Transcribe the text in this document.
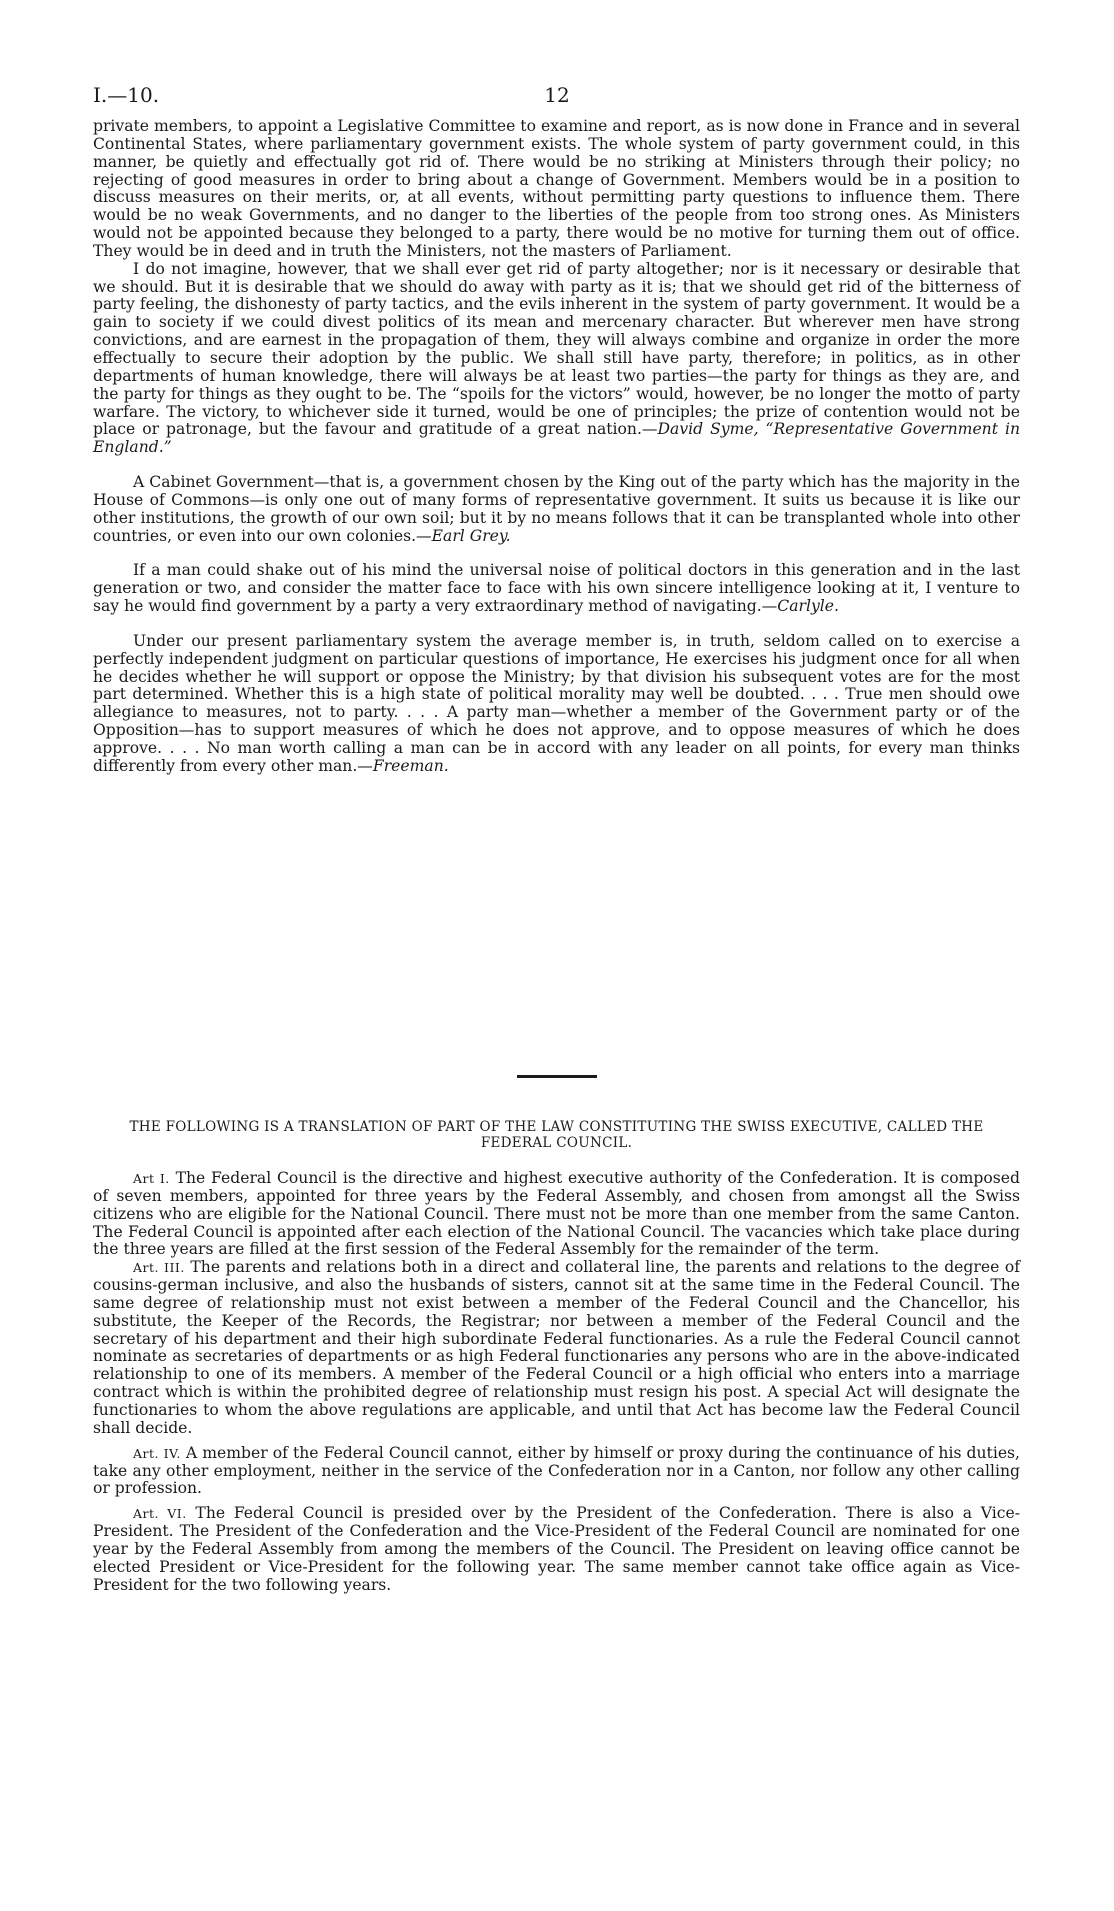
I.—10.	12

private members, to appoint a Legislative Committee to examine and report, as is now done in France and in several Continental States, where parliamentary government exists. The whole system of party government could, in this manner, be quietly and effectually got rid of. There would be no striking at Ministers through their policy; no rejecting of good measures in order to bring about a change of Government. Members would be in a position to discuss measures on their merits, or, at all events, without permitting party questions to influence them. There would be no weak Governments, and no danger to the liberties of the people from too strong ones. As Ministers would not be appointed because they belonged to a party, there would be no motive for turning them out of office. They would be in deed and in truth the Ministers, not the masters of Parliament.

I do not imagine, however, that we shall ever get rid of party altogether; nor is it necessary or desirable that we should. But it is desirable that we should do away with party as it is; that we should get rid of the bitterness of party feeling, the dishonesty of party tactics, and the evils inherent in the system of party government. It would be a gain to society if we could divest politics of its mean and mercenary character. But wherever men have strong convictions, and are earnest in the propagation of them, they will always combine and organize in order the more effectually to secure their adoption by the public. We shall still have party, therefore; in politics, as in other departments of human knowledge, there will always be at least two parties—the party for things as they are, and the party for things as they ought to be. The “spoils for the victors” would, however, be no longer the motto of party warfare. The victory, to whichever side it turned, would be one of principles; the prize of contention would not be place or patronage, but the favour and gratitude of a great nation.—David Syme, “Representative Government in England.”

A Cabinet Government—that is, a government chosen by the King out of the party which has the majority in the House of Commons—is only one out of many forms of representative government. It suits us because it is like our other institutions, the growth of our own soil; but it by no means follows that it can be transplanted whole into other countries, or even into our own colonies.—Earl Grey.

If a man could shake out of his mind the universal noise of political doctors in this generation and in the last generation or two, and consider the matter face to face with his own sincere intelligence looking at it, I venture to say he would find government by a party a very extraordinary method of navigating.—Carlyle.

Under our present parliamentary system the average member is, in truth, seldom called on to exercise a perfectly independent judgment on particular questions of importance, He exercises his judgment once for all when he decides whether he will support or oppose the Ministry; by that division his subsequent votes are for the most part determined. Whether this is a high state of political morality may well be doubted. . . . True men should owe allegiance to measures, not to party. . . . A party man—whether a member of the Government party or of the Opposition—has to support measures of which he does not approve, and to oppose measures of which he does approve. . . . No man worth calling a man can be in accord with any leader on all points, for every man thinks differently from every other man.—Freeman.

THE FOLLOWING IS A TRANSLATION OF PART OF THE LAW CONSTITUTING THE SWISS EXECUTIVE, CALLED THE FEDERAL COUNCIL.

Art I. The Federal Council is the directive and highest executive authority of the Confederation. It is composed of seven members, appointed for three years by the Federal Assembly, and chosen from amongst all the Swiss citizens who are eligible for the National Council. There must not be more than one member from the same Canton. The Federal Council is appointed after each election of the National Council. The vacancies which take place during the three years are filled at the first session of the Federal Assembly for the remainder of the term.

Art. III. The parents and relations both in a direct and collateral line, the parents and relations to the degree of cousins-german inclusive, and also the husbands of sisters, cannot sit at the same time in the Federal Council. The same degree of relationship must not exist between a member of the Federal Council and the Chancellor, his substitute, the Keeper of the Records, the Registrar; nor between a member of the Federal Council and the secretary of his department and their high subordinate Federal functionaries. As a rule the Federal Council cannot nominate as secretaries of departments or as high Federal functionaries any persons who are in the above-indicated relationship to one of its members. A member of the Federal Council or a high official who enters into a marriage contract which is within the prohibited degree of relationship must resign his post. A special Act will designate the functionaries to whom the above regulations are applicable, and until that Act has become law the Federal Council shall decide.

Art. IV. A member of the Federal Council cannot, either by himself or proxy during the continuance of his duties, take any other employment, neither in the service of the Confederation nor in a Canton, nor follow any other calling or profession.

Art. VI. The Federal Council is presided over by the President of the Confederation. There is also a Vice-President. The President of the Confederation and the Vice-President of the Federal Council are nominated for one year by the Federal Assembly from among the members of the Council. The President on leaving office cannot be elected President or Vice-President for the following year. The same member cannot take office again as Vice-President for the two following years.
